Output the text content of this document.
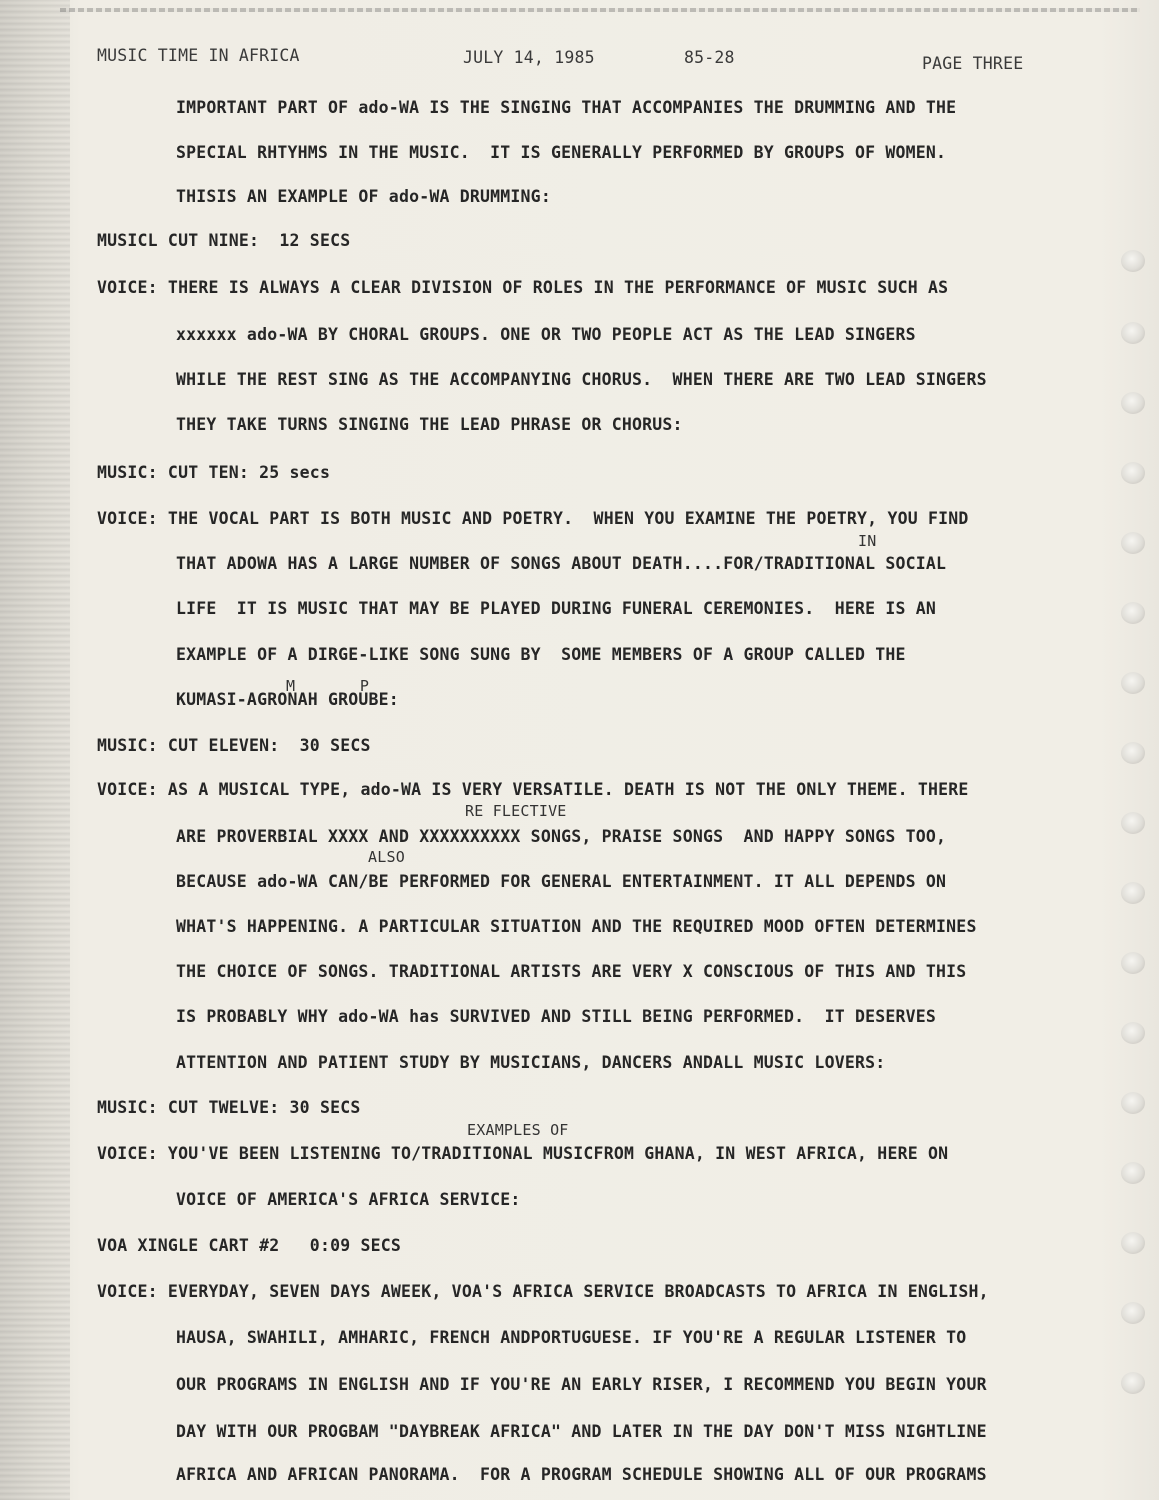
MUSIC TIME IN AFRICA	JULY 14, 1985	85-28	PAGE THREE
IMPORTANT PART OF ado-WA IS THE SINGING THAT ACCOMPANIES THE DRUMMING AND THE
SPECIAL RHTYHMS IN THE MUSIC.  IT IS GENERALLY PERFORMED BY GROUPS OF WOMEN.
THISIS AN EXAMPLE OF ado-WA DRUMMING:
MUSICL CUT NINE:  12 SECS
VOICE: THERE IS ALWAYS A CLEAR DIVISION OF ROLES IN THE PERFORMANCE OF MUSIC SUCH AS
xxxxxx ado-WA BY CHORAL GROUPS. ONE OR TWO PEOPLE ACT AS THE LEAD SINGERS
WHILE THE REST SING AS THE ACCOMPANYING CHORUS.  WHEN THERE ARE TWO LEAD SINGERS
THEY TAKE TURNS SINGING THE LEAD PHRASE OR CHORUS:
MUSIC: CUT TEN: 25 secs
VOICE: THE VOCAL PART IS BOTH MUSIC AND POETRY.  WHEN YOU EXAMINE THE POETRY, YOU FIND
IN
THAT ADOWA HAS A LARGE NUMBER OF SONGS ABOUT DEATH....FOR/TRADITIONAL SOCIAL
LIFE  IT IS MUSIC THAT MAY BE PLAYED DURING FUNERAL CEREMONIES.  HERE IS AN
EXAMPLE OF A DIRGE-LIKE SONG SUNG BY  SOME MEMBERS OF A GROUP CALLED THE
M       P
KUMASI-AGRONAH GROUBE:
MUSIC: CUT ELEVEN:  30 SECS
VOICE: AS A MUSICAL TYPE, ado-WA IS VERY VERSATILE. DEATH IS NOT THE ONLY THEME. THERE
RE FLECTIVE
ARE PROVERBIAL XXXX AND XXXXXXXXXX SONGS, PRAISE SONGS  AND HAPPY SONGS TOO,
ALSO
BECAUSE ado-WA CAN/BE PERFORMED FOR GENERAL ENTERTAINMENT. IT ALL DEPENDS ON
WHAT'S HAPPENING. A PARTICULAR SITUATION AND THE REQUIRED MOOD OFTEN DETERMINES
THE CHOICE OF SONGS. TRADITIONAL ARTISTS ARE VERY X CONSCIOUS OF THIS AND THIS
IS PROBABLY WHY ado-WA has SURVIVED AND STILL BEING PERFORMED.  IT DESERVES
ATTENTION AND PATIENT STUDY BY MUSICIANS, DANCERS ANDALL MUSIC LOVERS:
MUSIC: CUT TWELVE: 30 SECS
EXAMPLES OF
VOICE: YOU'VE BEEN LISTENING TO/TRADITIONAL MUSICFROM GHANA, IN WEST AFRICA, HERE ON
VOICE OF AMERICA'S AFRICA SERVICE:
VOA XINGLE CART #2   0:09 SECS
VOICE: EVERYDAY, SEVEN DAYS AWEEK, VOA'S AFRICA SERVICE BROADCASTS TO AFRICA IN ENGLISH,
HAUSA, SWAHILI, AMHARIC, FRENCH ANDPORTUGUESE. IF YOU'RE A REGULAR LISTENER TO
OUR PROGRAMS IN ENGLISH AND IF YOU'RE AN EARLY RISER, I RECOMMEND YOU BEGIN YOUR
DAY WITH OUR PROGBAM "DAYBREAK AFRICA" AND LATER IN THE DAY DON'T MISS NIGHTLINE
AFRICA AND AFRICAN PANORAMA.  FOR A PROGRAM SCHEDULE SHOWING ALL OF OUR PROGRAMS
